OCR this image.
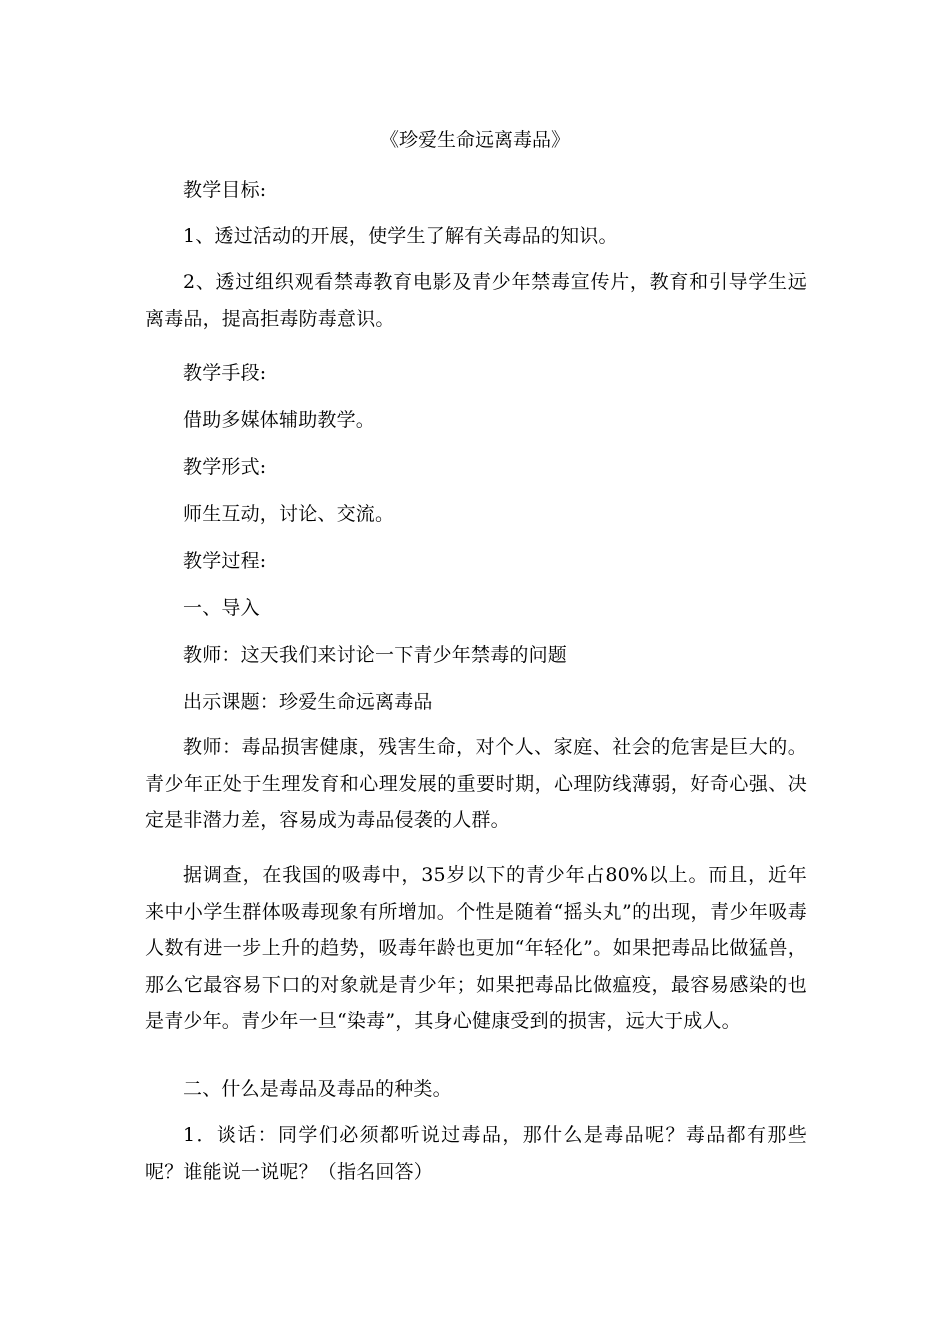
《珍爱生命远离毒品》
教学目标:
1、透过活动的开展，使学生了解有关毒品的知识。
2、透过组织观看禁毒教育电影及青少年禁毒宣传片，教育和引导学生远离毒品，提高拒毒防毒意识。
教学手段:
借助多媒体辅助教学。
教学形式:
师生互动，讨论、交流。
教学过程:
一、导入
教师：这天我们来讨论一下青少年禁毒的问题
出示课题：珍爱生命远离毒品
教师：毒品损害健康，残害生命，对个人、家庭、社会的危害是巨大的。青少年正处于生理发育和心理发展的重要时期，心理防线薄弱，好奇心强、决定是非潜力差，容易成为毒品侵袭的人群。
据调查，在我国的吸毒中，35岁以下的青少年占80%以上。而且，近年来中小学生群体吸毒现象有所增加。个性是随着“摇头丸”的出现，青少年吸毒人数有进一步上升的趋势，吸毒年龄也更加“年轻化”。如果把毒品比做猛兽，那么它最容易下口的对象就是青少年；如果把毒品比做瘟疫，最容易感染的也是青少年。青少年一旦“染毒”，其身心健康受到的损害，远大于成人。
二、什么是毒品及毒品的种类。
1．谈话：同学们必须都听说过毒品，那什么是毒品呢？毒品都有那些呢？谁能说一说呢？（指名回答）
